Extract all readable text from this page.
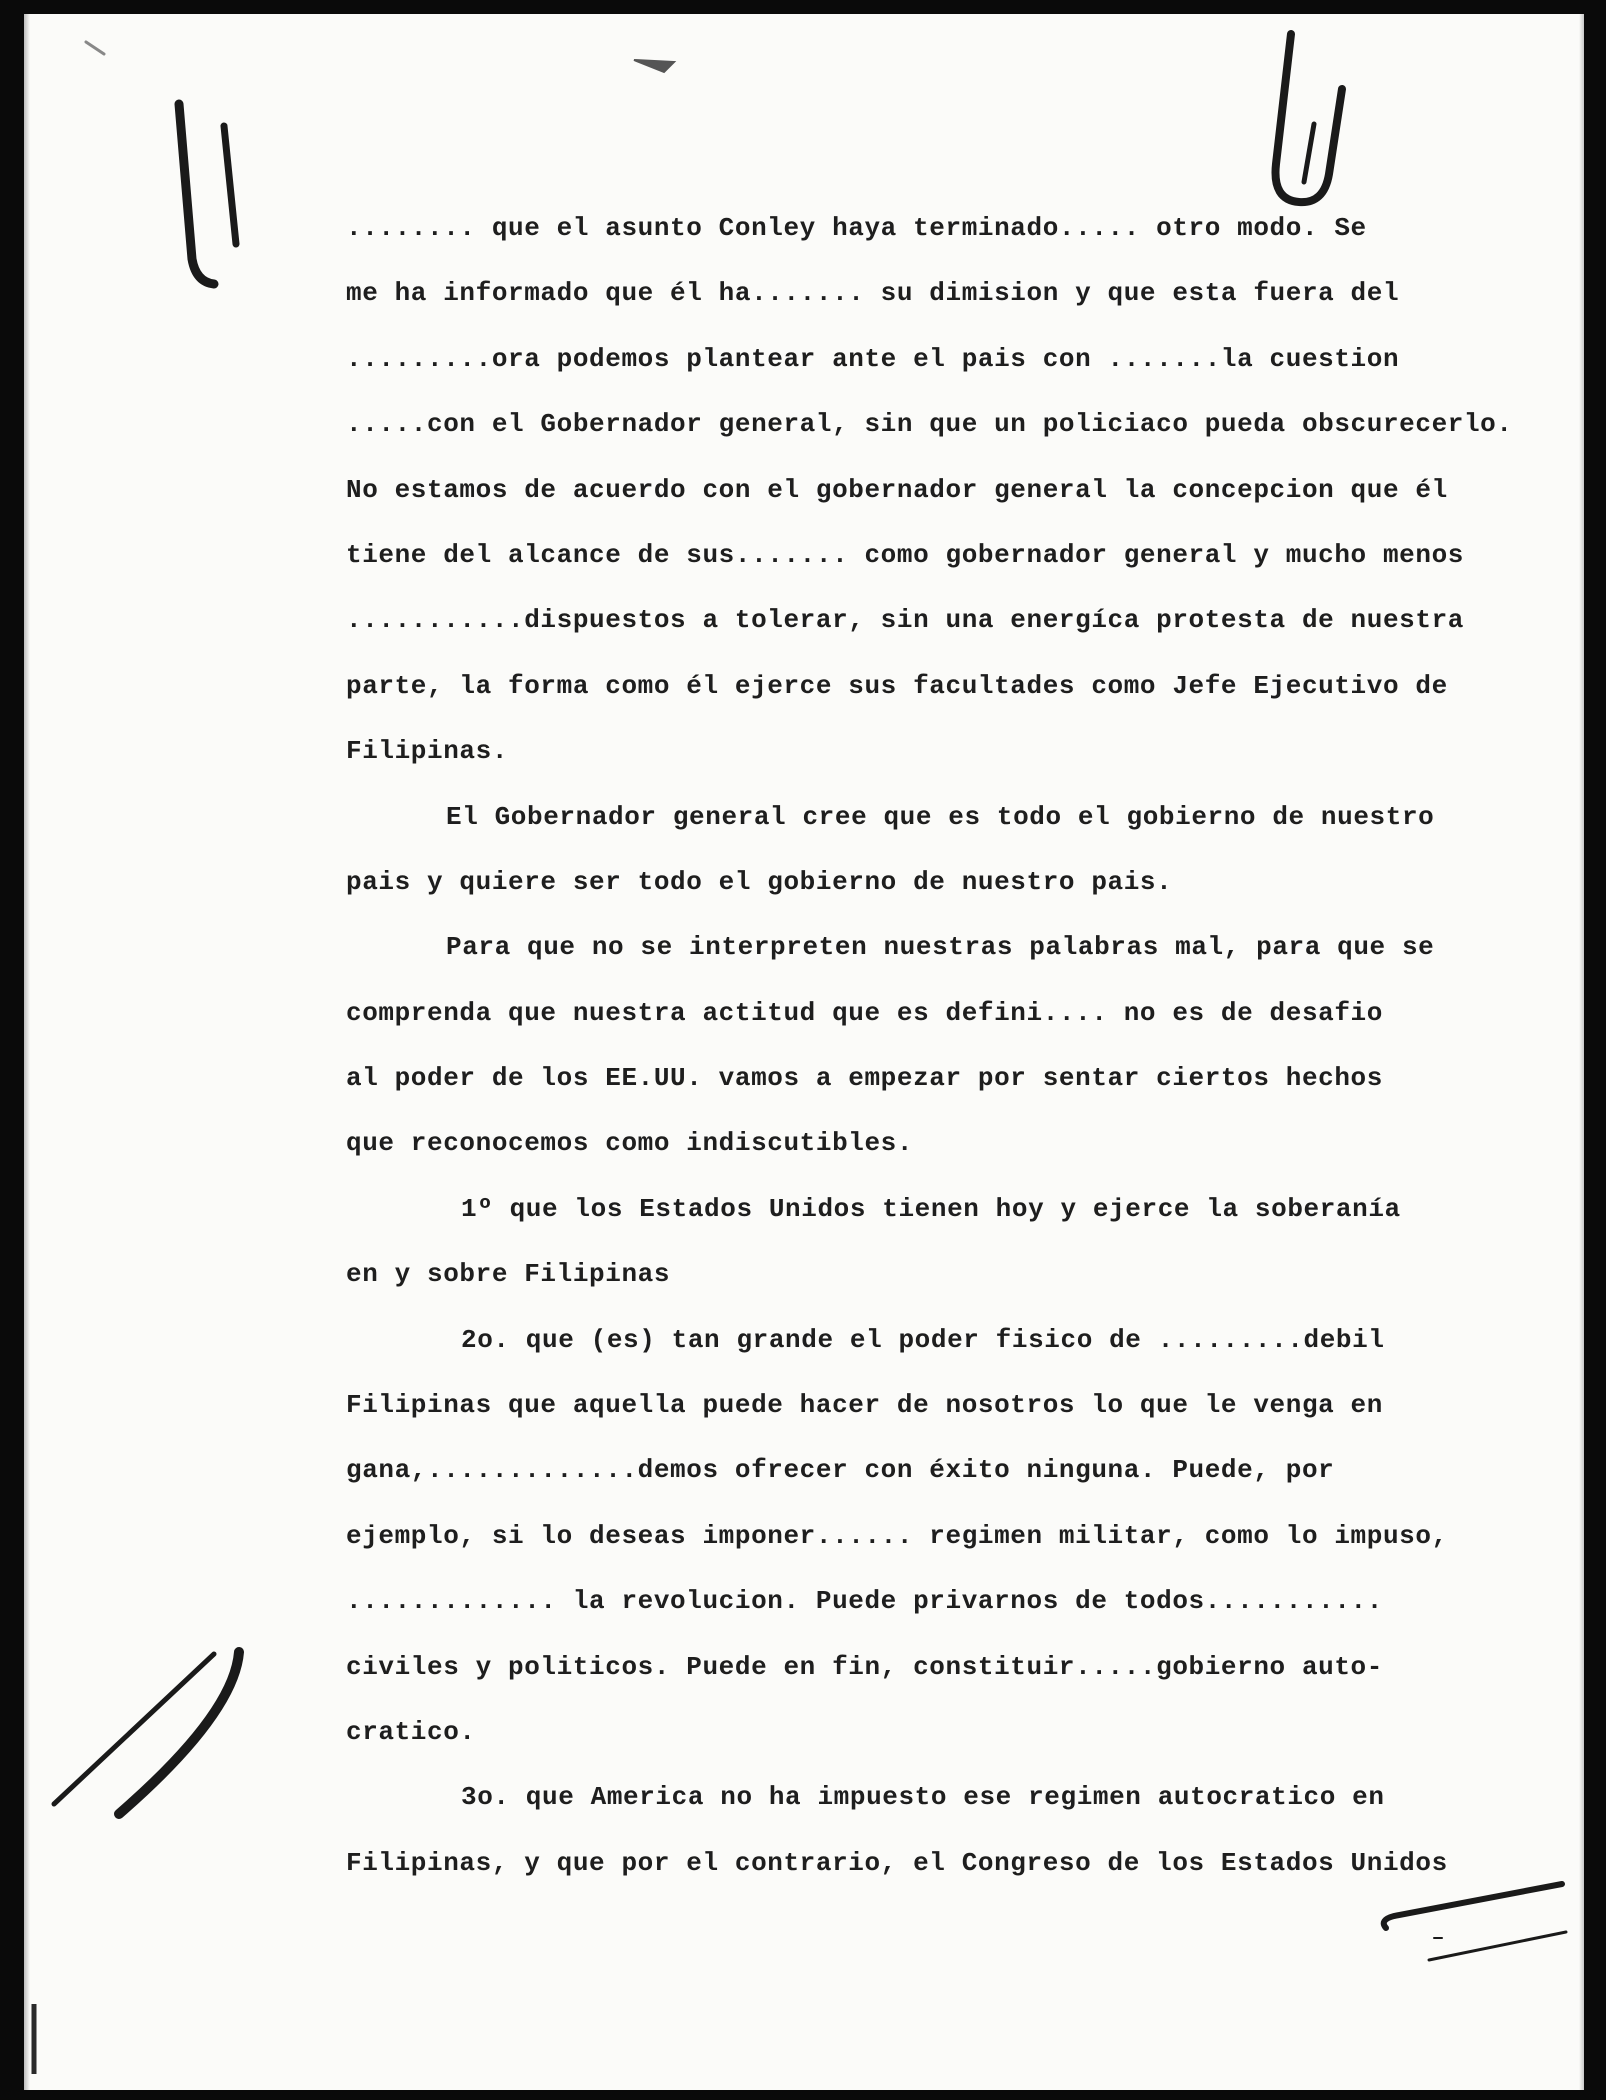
........ que el asunto Conley haya terminado..... otro modo. Se
me ha informado que él ha....... su dimision y que esta fuera del
.........ora podemos plantear ante el pais con .......la cuestion
.....con el Gobernador general, sin que un policiaco pueda obscurecerlo.
No estamos de acuerdo con el gobernador general la concepcion que él
tiene del alcance de sus....... como gobernador general y mucho menos
...........dispuestos a tolerar, sin una energíca protesta de nuestra
parte, la forma como él ejerce sus facultades como Jefe Ejecutivo de
Filipinas.
El Gobernador general cree que es todo el gobierno de nuestro
pais y quiere ser todo el gobierno de nuestro pais.
Para que no se interpreten nuestras palabras mal, para que se
comprenda que nuestra actitud que es defini.... no es de desafio
al poder de los EE.UU. vamos a empezar por sentar ciertos hechos
que reconocemos como indiscutibles.
1º que los Estados Unidos tienen hoy y ejerce la soberanía
en y sobre Filipinas
2o. que (es) tan grande el poder fisico de .........debil
Filipinas que aquella puede hacer de nosotros lo que le venga en
gana,.............demos ofrecer con éxito ninguna. Puede, por
ejemplo, si lo deseas imponer...... regimen militar, como lo impuso,
............. la revolucion. Puede privarnos de todos...........
civiles y politicos. Puede en fin, constituir.....gobierno auto-
cratico.
3o. que America no ha impuesto ese regimen autocratico en
Filipinas, y que por el contrario, el Congreso de los Estados Unidos
